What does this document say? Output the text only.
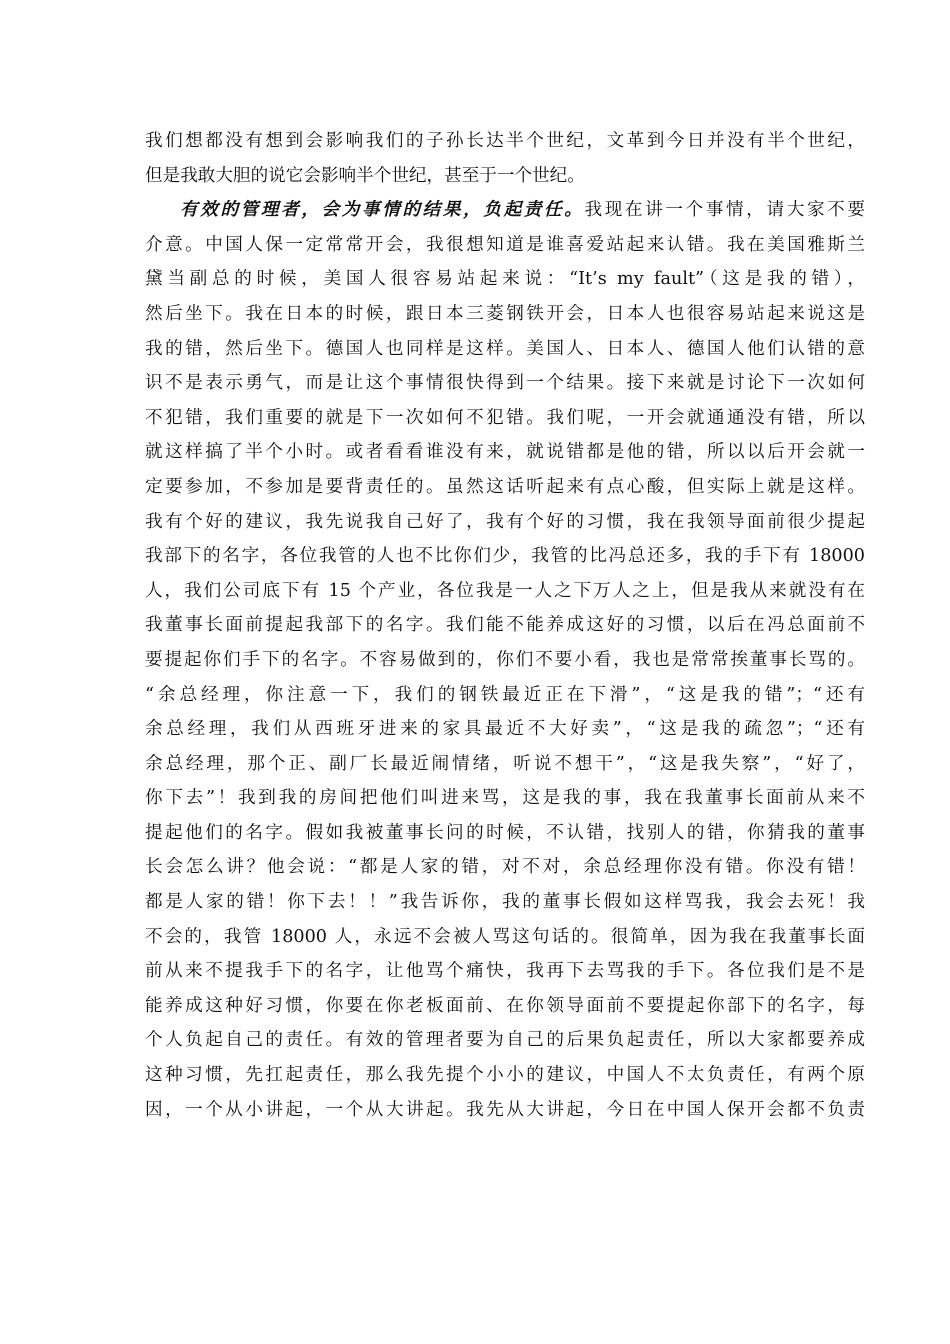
我们想都没有想到会影响我们的子孙长达半个世纪，文革到今日并没有半个世纪，
但是我敢大胆的说它会影响半个世纪，甚至于一个世纪。
有效的管理者，会为事情的结果，负起责任。我现在讲一个事情，请大家不要
介意。中国人保一定常常开会，我很想知道是谁喜爱站起来认错。我在美国雅斯兰
黛当副总的时候，美国人很容易站起来说：“It’s my fault”（这是我的错），
然后坐下。我在日本的时候，跟日本三菱钢铁开会，日本人也很容易站起来说这是
我的错，然后坐下。德国人也同样是这样。美国人、日本人、德国人他们认错的意
识不是表示勇气，而是让这个事情很快得到一个结果。接下来就是讨论下一次如何
不犯错，我们重要的就是下一次如何不犯错。我们呢，一开会就通通没有错，所以
就这样搞了半个小时。或者看看谁没有来，就说错都是他的错，所以以后开会就一
定要参加，不参加是要背责任的。虽然这话听起来有点心酸，但实际上就是这样。
我有个好的建议，我先说我自己好了，我有个好的习惯，我在我领导面前很少提起
我部下的名字，各位我管的人也不比你们少，我管的比冯总还多，我的手下有 18000
人，我们公司底下有 15 个产业，各位我是一人之下万人之上，但是我从来就没有在
我董事长面前提起我部下的名字。我们能不能养成这好的习惯，以后在冯总面前不
要提起你们手下的名字。不容易做到的，你们不要小看，我也是常常挨董事长骂的。
“余总经理，你注意一下，我们的钢铁最近正在下滑”，“这是我的错”；“还有
余总经理，我们从西班牙进来的家具最近不大好卖”，“这是我的疏忽”；“还有
余总经理，那个正、副厂长最近闹情绪，听说不想干”，“这是我失察”，“好了，
你下去”！我到我的房间把他们叫进来骂，这是我的事，我在我董事长面前从来不
提起他们的名字。假如我被董事长问的时候，不认错，找别人的错，你猜我的董事
长会怎么讲？他会说：“都是人家的错，对不对，余总经理你没有错。你没有错！
都是人家的错！你下去！！”我告诉你，我的董事长假如这样骂我，我会去死！我
不会的，我管 18000 人，永远不会被人骂这句话的。很简单，因为我在我董事长面
前从来不提我手下的名字，让他骂个痛快，我再下去骂我的手下。各位我们是不是
能养成这种好习惯，你要在你老板面前、在你领导面前不要提起你部下的名字，每
个人负起自己的责任。有效的管理者要为自己的后果负起责任，所以大家都要养成
这种习惯，先扛起责任，那么我先提个小小的建议，中国人不太负责任，有两个原
因，一个从小讲起，一个从大讲起。我先从大讲起，今日在中国人保开会都不负责
